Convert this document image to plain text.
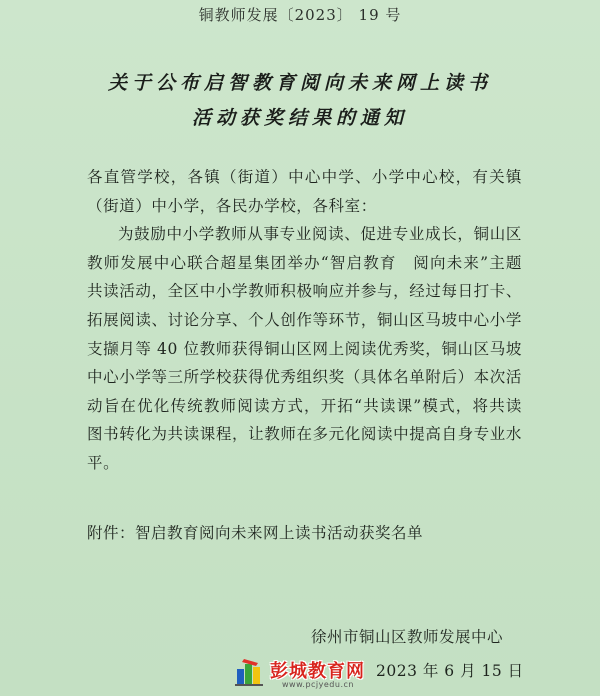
铜教师发展〔2023〕 19 号
关于公布启智教育阅向未来网上读书
活动获奖结果的通知

各直管学校，各镇（街道）中心中学、小学中心校，有关镇（街道）中小学，各民办学校，各科室：

为鼓励中小学教师从事专业阅读、促进专业成长，铜山区教师发展中心联合超星集团举办“智启教育　阅向未来”主题共读活动，全区中小学教师积极响应并参与，经过每日打卡、拓展阅读、讨论分享、个人创作等环节，铜山区马坡中心小学支撷月等 40 位教师获得铜山区网上阅读优秀奖，铜山区马坡中心小学等三所学校获得优秀组织奖（具体名单附后）本次活动旨在优化传统教师阅读方式，开拓“共读课”模式，将共读图书转化为共读课程，让教师在多元化阅读中提高自身专业水平。

附件：智启教育阅向未来网上读书活动获奖名单
徐州市铜山区教师发展中心
彭城教育网
www.pcjyedu.cn
2023 年 6 月 15 日
